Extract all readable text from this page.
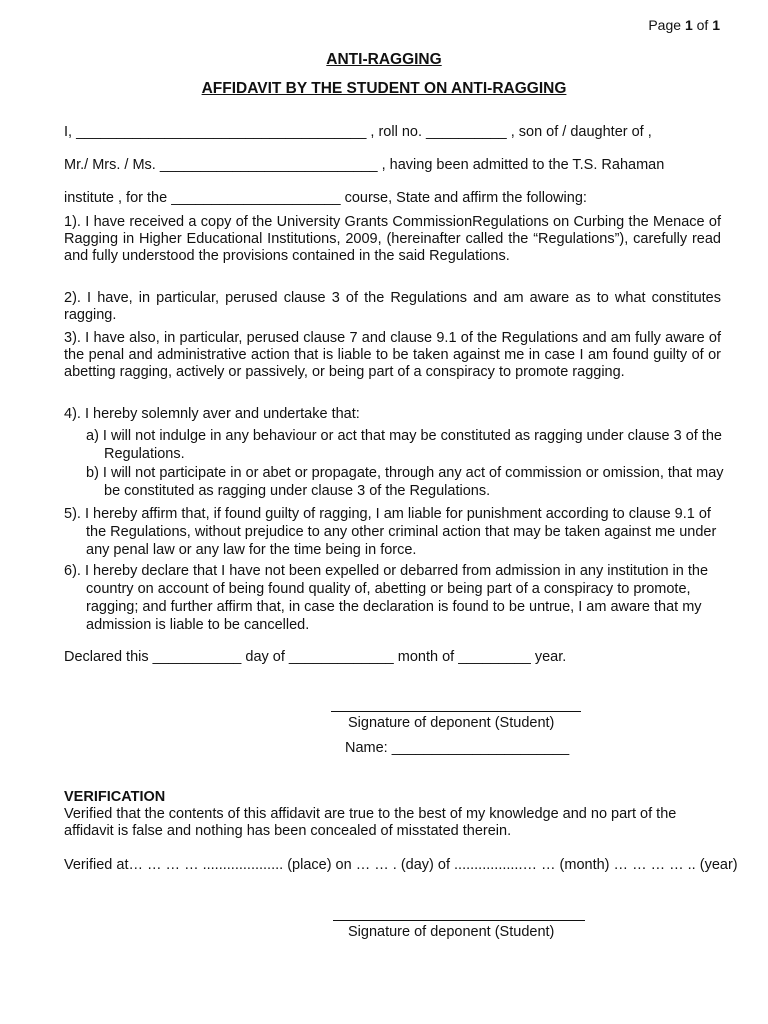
Page 1 of 1
ANTI-RAGGING
AFFIDAVIT BY THE STUDENT ON ANTI-RAGGING
I, ____________________________________ , roll no. __________ , son of / daughter of ,
Mr./ Mrs. / Ms. ___________________________ , having been admitted to the T.S. Rahaman
institute , for the _____________________ course, State and affirm the following:
1). I have received a copy of the University Grants CommissionRegulations on Curbing the Menace of Ragging in Higher Educational Institutions, 2009, (hereinafter called the “Regulations”), carefully read and fully understood the provisions contained in the said Regulations.
2). I have, in particular, perused clause 3 of the Regulations and am aware as to what constitutes ragging.
3). I have also, in particular, perused clause 7 and clause 9.1 of the Regulations and am fully aware of the penal and administrative action that is liable to be taken against me in case I am found guilty of or abetting ragging, actively or passively, or being part of a conspiracy to promote ragging.
4). I hereby solemnly aver and undertake that:
a) I will not indulge in any behaviour or act that may be constituted as ragging under clause 3 of the Regulations.
b) I will not participate in or abet or propagate, through any act of commission or omission, that may be constituted as ragging under clause 3 of the Regulations.
5). I hereby affirm that, if found guilty of ragging, I am liable for punishment according to clause 9.1 of the Regulations, without prejudice to any other criminal action that may be taken against me under any penal law or any law for the time being in force.
6). I hereby declare that I have not been expelled or debarred from admission in any institution in the country on account of being found quality of, abetting or being part of a conspiracy to promote, ragging; and further affirm that, in case the declaration is found to be untrue, I am aware that my admission is liable to be cancelled.
Declared this ___________ day of _____________ month of _________ year.
Signature of deponent (Student)
Name: ______________________
VERIFICATION
Verified that the contents of this affidavit are true to the best of my knowledge and no part of the affidavit is false and nothing has been concealed of misstated therein.
Verified at… … … … .................... (place) on … … . (day) of .................… … (month) … … … … .. (year)
Signature of deponent (Student)
